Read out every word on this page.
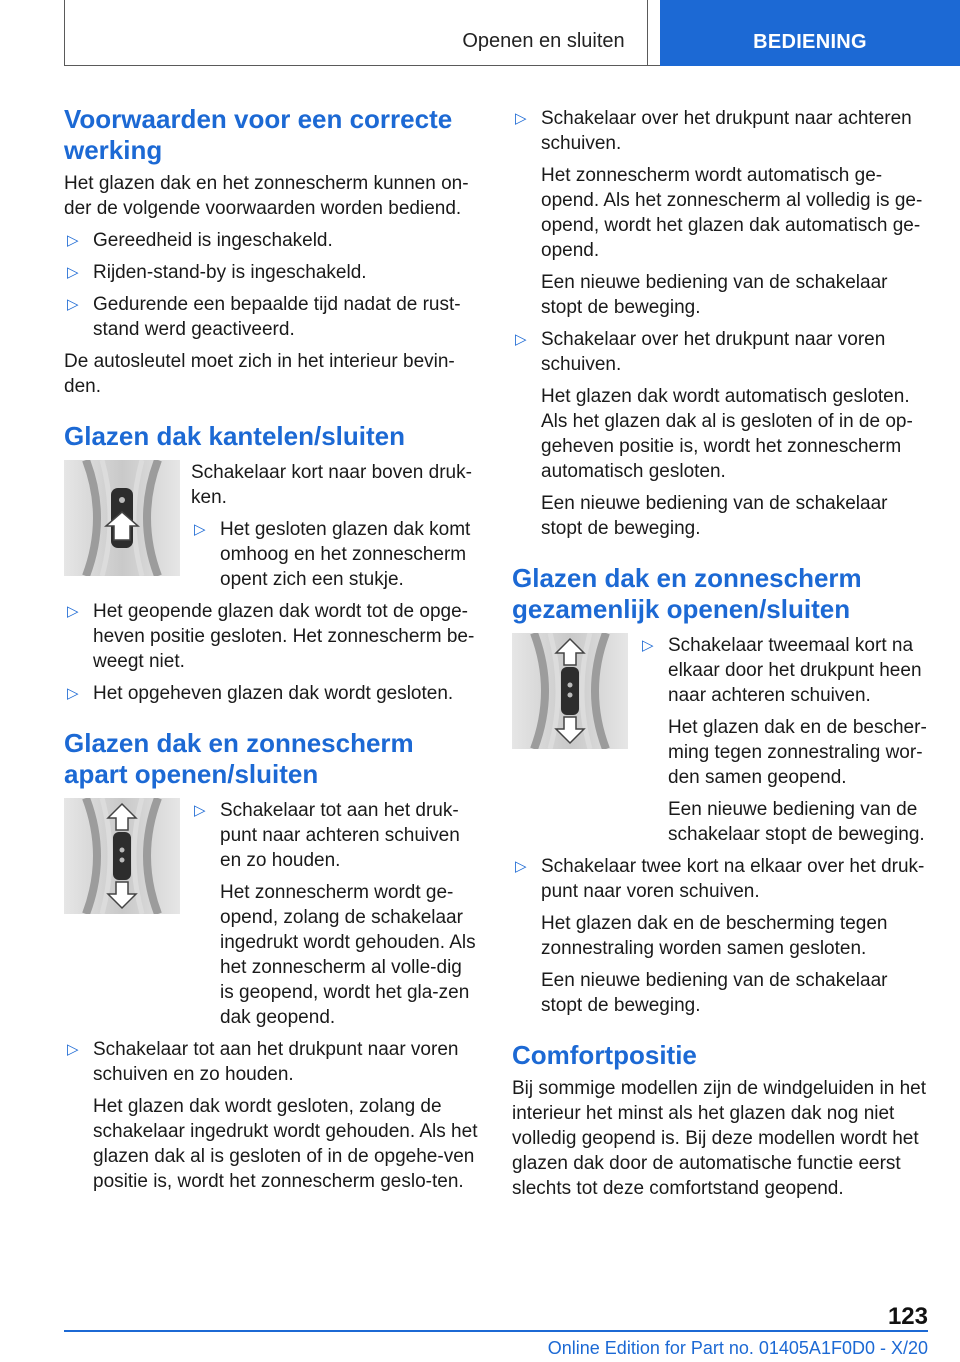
Openen en sluiten	BEDIENING
Voorwaarden voor een correcte werking

Het glazen dak en het zonnescherm kunnen on-der de volgende voorwaarden worden bediend.

▷ Gereedheid is ingeschakeld.

▷ Rijden-stand-by is ingeschakeld.

▷ Gedurende een bepaalde tijd nadat de rust-stand werd geactiveerd.

De autosleutel moet zich in het interieur bevin-den.

Glazen dak kantelen/sluiten

Schakelaar kort naar boven druk-ken.

▷ Het gesloten glazen dak komt omhoog en het zonnescherm opent zich een stukje.

▷ Het geopende glazen dak wordt tot de opge-heven positie gesloten. Het zonnescherm be-weegt niet.

▷ Het opgeheven glazen dak wordt gesloten.

Glazen dak en zonnescherm apart openen/sluiten
▷ Schakelaar tot aan het druk-punt naar achteren schuiven en zo houden.

Het zonnescherm wordt ge-opend, zolang de schakelaar ingedrukt wordt gehouden. Als het zonnescherm al volle-dig is geopend, wordt het gla-zen dak geopend.

▷ Schakelaar tot aan het drukpunt naar voren schuiven en zo houden.

Het glazen dak wordt gesloten, zolang de schakelaar ingedrukt wordt gehouden. Als het glazen dak al is gesloten of in de opgehe-ven positie is, wordt het zonnescherm geslo-ten.

▷ Schakelaar over het drukpunt naar achteren schuiven.

Het zonnescherm wordt automatisch ge-opend. Als het zonnescherm al volledig is ge-opend, wordt het glazen dak automatisch ge-opend.

Een nieuwe bediening van de schakelaar stopt de beweging.

▷ Schakelaar over het drukpunt naar voren schuiven.

Het glazen dak wordt automatisch gesloten. Als het glazen dak al is gesloten of in de op-geheven positie is, wordt het zonnescherm automatisch gesloten.

Een nieuwe bediening van de schakelaar stopt de beweging.

Glazen dak en zonnescherm gezamenlijk openen/sluiten
▷ Schakelaar tweemaal kort na elkaar door het drukpunt heen naar achteren schuiven.

Het glazen dak en de bescher-ming tegen zonnestraling wor-den samen geopend.

Een nieuwe bediening van de schakelaar stopt de beweging.

▷ Schakelaar twee kort na elkaar over het druk-punt naar voren schuiven.

Het glazen dak en de bescherming tegen zonnestraling worden samen gesloten.

Een nieuwe bediening van de schakelaar stopt de beweging.

Comfortpositie

Bij sommige modellen zijn de windgeluiden in het interieur het minst als het glazen dak nog niet volledig geopend is. Bij deze modellen wordt het glazen dak door de automatische functie eerst slechts tot deze comfortstand geopend.

123
Online Edition for Part no. 01405A1F0D0 - X/20
